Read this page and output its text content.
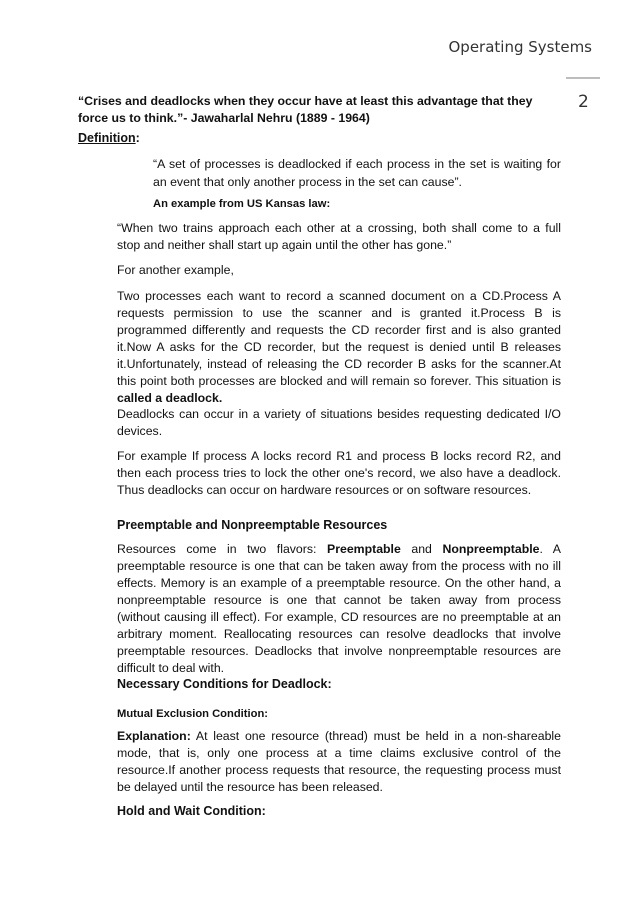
Operating Systems
2

“Crises and deadlocks when they occur have at least this advantage that they force us to think.”- Jawaharlal Nehru (1889 - 1964)

Definition:

“A set of processes is deadlocked if each process in the set is waiting for an event that only another process in the set can cause”.

An example from US Kansas law:

“When two trains approach each other at a crossing, both shall come to a full stop and neither shall start up again until the other has gone.”

For another example,

Two processes each want to record a scanned document on a CD.Process A requests permission to use the scanner and is granted it.Process B is programmed differently and requests the CD recorder first and is also granted it.Now A asks for the CD recorder, but the request is denied until B releases it.Unfortunately, instead of releasing the CD recorder B asks for the scanner.At this point both processes are blocked and will remain so forever. This situation is called a deadlock.

Deadlocks can occur in a variety of situations besides requesting dedicated I/O devices.

For example If process A locks record R1 and process B locks record R2, and then each process tries to lock the other one's record, we also have a deadlock. Thus deadlocks can occur on hardware resources or on software resources.

Preemptable and Nonpreemptable Resources

Resources come in two flavors: Preemptable and Nonpreemptable. A preemptable resource is one that can be taken away from the process with no ill effects. Memory is an example of a preemptable resource. On the other hand, a nonpreemptable resource is one that cannot be taken away from process (without causing ill effect). For example, CD resources are no preemptable at an arbitrary moment. Reallocating resources can resolve deadlocks that involve preemptable resources. Deadlocks that involve nonpreemptable resources are difficult to deal with.

Necessary Conditions for Deadlock:

Mutual Exclusion Condition:

Explanation: At least one resource (thread) must be held in a non-shareable mode, that is, only one process at a time claims exclusive control of the resource.If another process requests that resource, the requesting process must be delayed until the resource has been released.

Hold and Wait Condition:
